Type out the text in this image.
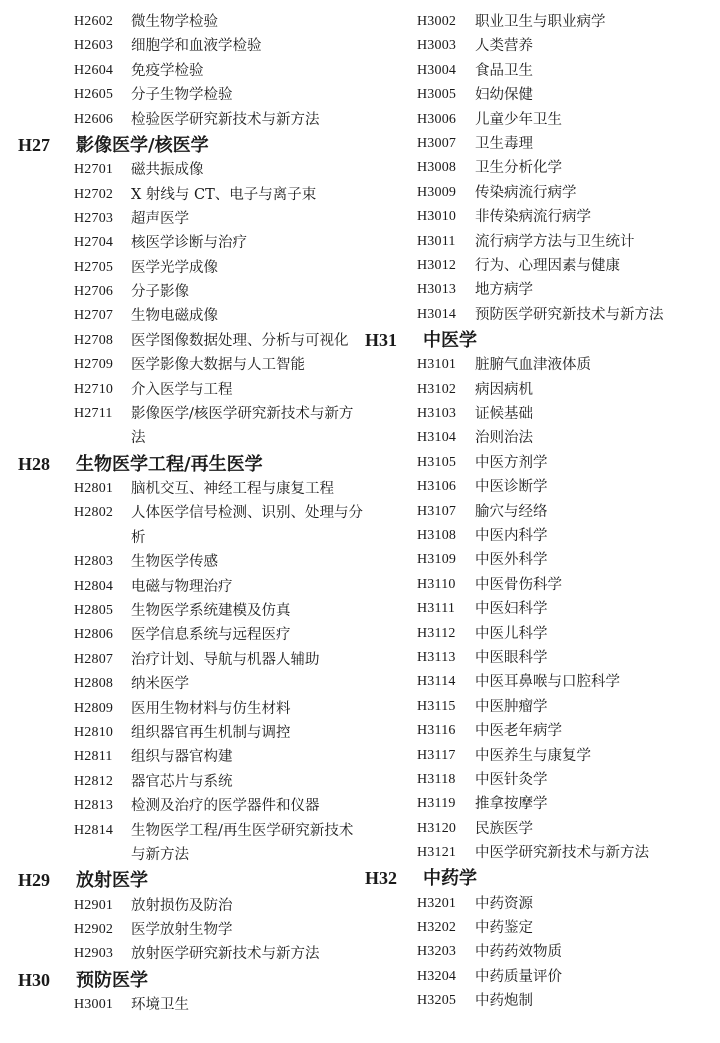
H2602	微生物学检验
H2603	细胞学和血液学检验
H2604	免疫学检验
H2605	分子生物学检验
H2606	检验医学研究新技术与新方法
H27 影像医学/核医学
H2701	磁共振成像
H2702	X 射线与 CT、电子与离子束
H2703	超声医学
H2704	核医学诊断与治疗
H2705	医学光学成像
H2706	分子影像
H2707	生物电磁成像
H2708	医学图像数据处理、分析与可视化
H2709	医学影像大数据与人工智能
H2710	介入医学与工程
H2711	影像医学/核医学研究新技术与新方法
H28 生物医学工程/再生医学
H2801	脑机交互、神经工程与康复工程
H2802	人体医学信号检测、识别、处理与分析
H2803	生物医学传感
H2804	电磁与物理治疗
H2805	生物医学系统建模及仿真
H2806	医学信息系统与远程医疗
H2807	治疗计划、导航与机器人辅助
H2808	纳米医学
H2809	医用生物材料与仿生材料
H2810	组织器官再生机制与调控
H2811	组织与器官构建
H2812	器官芯片与系统
H2813	检测及治疗的医学器件和仪器
H2814	生物医学工程/再生医学研究新技术与新方法
H29 放射医学
H2901	放射损伤及防治
H2902	医学放射生物学
H2903	放射医学研究新技术与新方法
H30 预防医学
H3001	环境卫生
H3002	职业卫生与职业病学
H3003	人类营养
H3004	食品卫生
H3005	妇幼保健
H3006	儿童少年卫生
H3007	卫生毒理
H3008	卫生分析化学
H3009	传染病流行病学
H3010	非传染病流行病学
H3011	流行病学方法与卫生统计
H3012	行为、心理因素与健康
H3013	地方病学
H3014	预防医学研究新技术与新方法
H31 中医学
H3101	脏腑气血津液体质
H3102	病因病机
H3103	证候基础
H3104	治则治法
H3105	中医方剂学
H3106	中医诊断学
H3107	腧穴与经络
H3108	中医内科学
H3109	中医外科学
H3110	中医骨伤科学
H3111	中医妇科学
H3112	中医儿科学
H3113	中医眼科学
H3114	中医耳鼻喉与口腔科学
H3115	中医肿瘤学
H3116	中医老年病学
H3117	中医养生与康复学
H3118	中医针灸学
H3119	推拿按摩学
H3120	民族医学
H3121	中医学研究新技术与新方法
H32 中药学
H3201	中药资源
H3202	中药鉴定
H3203	中药药效物质
H3204	中药质量评价
H3205	中药炮制
